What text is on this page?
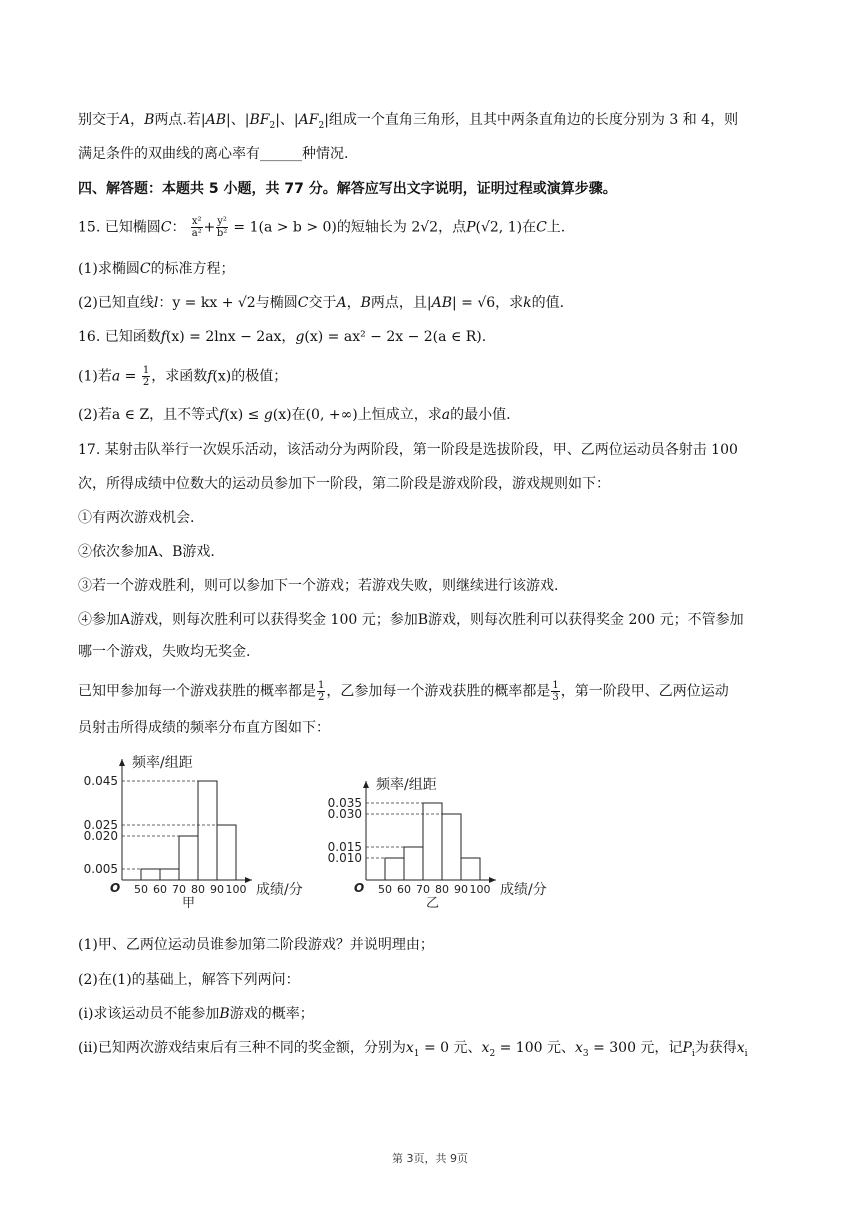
别交于A，B两点.若|AB|、$|BF_2|$、$|AF_2|$组成一个直角三角形，且其中两条直角边的长度分别为 3 和 4，则
满足条件的双曲线的离心率有______种情况.
四、解答题：本题共 5 小题，共 77 分。解答应写出文字说明，证明过程或演算步骤。
15. 已知椭圆C： $\frac{\text{x²}}{\text{a²}} + \frac{\text{y²}}{\text{b²}} = 1(a > b > 0)$的短轴长为 2√2，点P(√2, 1)在C上.
(1)求椭圆C的标准方程；
(2)已知直线l：y = kx + √2与椭圆C交于A，B两点，且|AB| = √6，求k的值.
16. 已知函数f(x) = 2lnx − 2ax，g(x) = ax² − 2x − 2(a ∈ R).
(1)若$a = \frac{1}{2}$ ，求函数f(x)的极值；
(2)若a ∈ Z，且不等式f(x) ≤ g(x)在(0, +∞)上恒成立，求a的最小值.
17. 某射击队举行一次娱乐活动，该活动分为两阶段，第一阶段是选拔阶段，甲、乙两位运动员各射击 100
次，所得成绩中位数大的运动员参加下一阶段，第二阶段是游戏阶段，游戏规则如下：
①有两次游戏机会.
②依次参加A、B游戏.
③若一个游戏胜利，则可以参加下一个游戏；若游戏失败，则继续进行该游戏.
④参加A游戏，则每次胜利可以获得奖金 100 元；参加B游戏，则每次胜利可以获得奖金 200 元；不管参加
哪一个游戏，失败均无奖金.
已知甲参加每一个游戏获胜的概率都是 $\frac{1}{2}$ ，乙参加每一个游戏获胜的概率都是 $\frac{1}{3}$ ，第一阶段甲、乙两位运动
员射击所得成绩的频率分布直方图如下：
O
频率/组距
成绩/分
0.005
0.020
0.025
0.045
50 60 70 80 90 100
甲
O
频率/组距
成绩/分
0.010
0.015
0.030
0.035
50 60 70 80 90 100
乙
(1)甲、乙两位运动员谁参加第二阶段游戏？并说明理由；
(2)在(1)的基础上，解答下列两问：
(i)求该运动员不能参加B游戏的概率；
(ii)已知两次游戏结束后有三种不同的奖金额，分别为$x_1 = 0$ 元、$x_2 = 100$ 元、$x_3 = 300$ 元，记$P_i$为获得$x_i$
第 3页，共 9页
